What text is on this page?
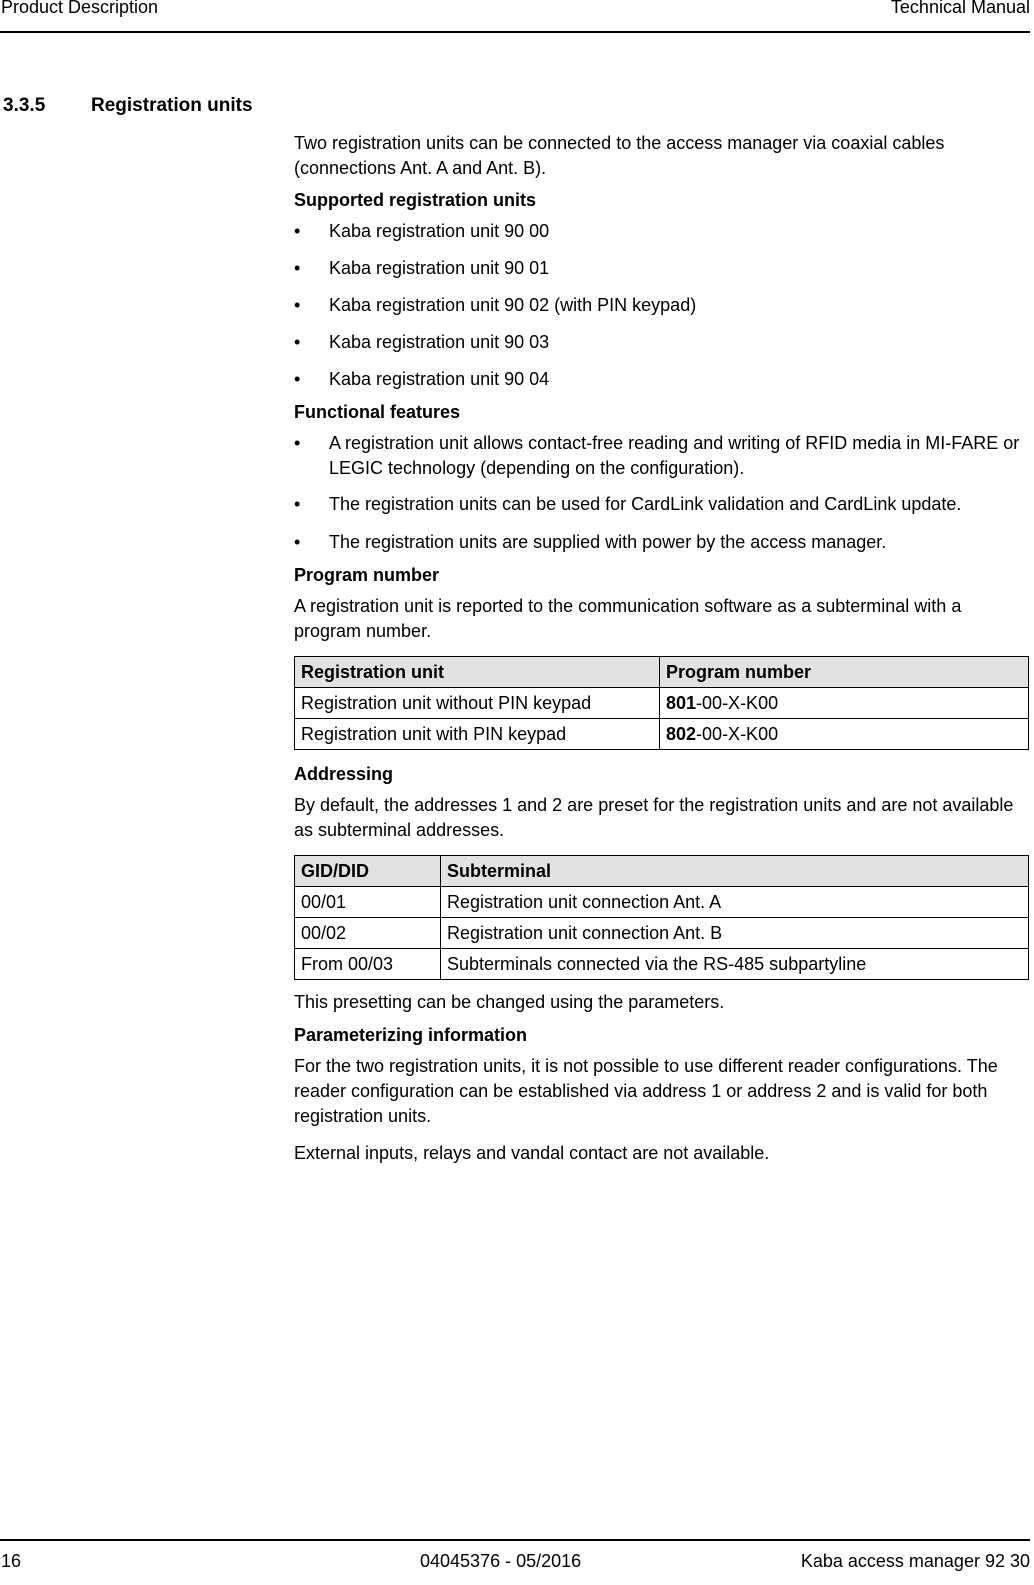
Product Description	Technical Manual
3.3.5 Registration units

Two registration units can be connected to the access manager via coaxial cables (connections Ant. A and Ant. B).

Supported registration units

• Kaba registration unit 90 00
• Kaba registration unit 90 01
• Kaba registration unit 90 02 (with PIN keypad)
• Kaba registration unit 90 03
• Kaba registration unit 90 04

Functional features

• A registration unit allows contact-free reading and writing of RFID media in MI-FARE or LEGIC technology (depending on the configuration).
• The registration units can be used for CardLink validation and CardLink update.
• The registration units are supplied with power by the access manager.

Program number

A registration unit is reported to the communication software as a subterminal with a program number.

Registration unit	Program number
Registration unit without PIN keypad	801-00-X-K00
Registration unit with PIN keypad	802-00-X-K00

Addressing

By default, the addresses 1 and 2 are preset for the registration units and are not available as subterminal addresses.

GID/DID	Subterminal
00/01	Registration unit connection Ant. A
00/02	Registration unit connection Ant. B
From 00/03	Subterminals connected via the RS-485 subpartyline

This presetting can be changed using the parameters.

Parameterizing information

For the two registration units, it is not possible to use different reader configurations. The reader configuration can be established via address 1 or address 2 and is valid for both registration units.

External inputs, relays and vandal contact are not available.

16	04045376 - 05/2016	Kaba access manager 92 30
